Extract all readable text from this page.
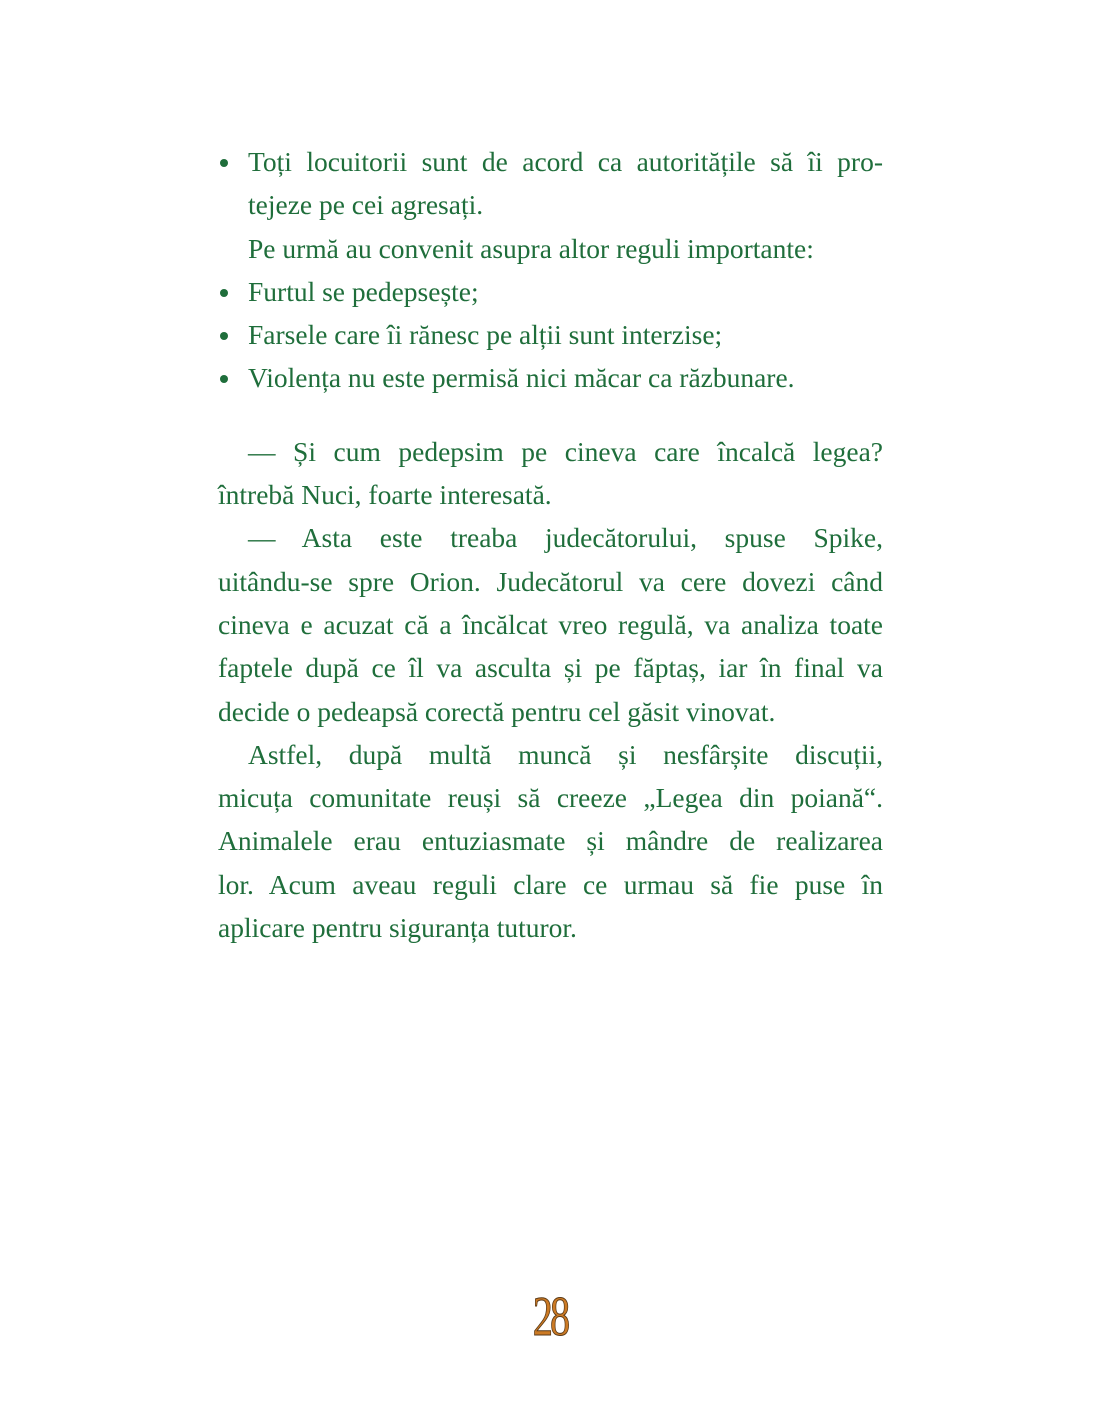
Toți locuitorii sunt de acord ca autoritățile să îi pro-
tejeze pe cei agresați.
Pe urmă au convenit asupra altor reguli importante:
Furtul se pedepsește;
Farsele care îi rănesc pe alții sunt interzise;
Violența nu este permisă nici măcar ca răzbunare.
— Și cum pedepsim pe cineva care încalcă legea?
întrebă Nuci, foarte interesată.
— Asta este treaba judecătorului, spuse Spike,
uitându-se spre Orion. Judecătorul va cere dovezi când
cineva e acuzat că a încălcat vreo regulă, va analiza toate
faptele după ce îl va asculta și pe făptaș, iar în final va
decide o pedeapsă corectă pentru cel găsit vinovat.
Astfel, după multă muncă și nesfârșite discuții,
micuța comunitate reuși să creeze „Legea din poiană“.
Animalele erau entuziasmate și mândre de realizarea
lor. Acum aveau reguli clare ce urmau să fie puse în
aplicare pentru siguranța tuturor.
28
